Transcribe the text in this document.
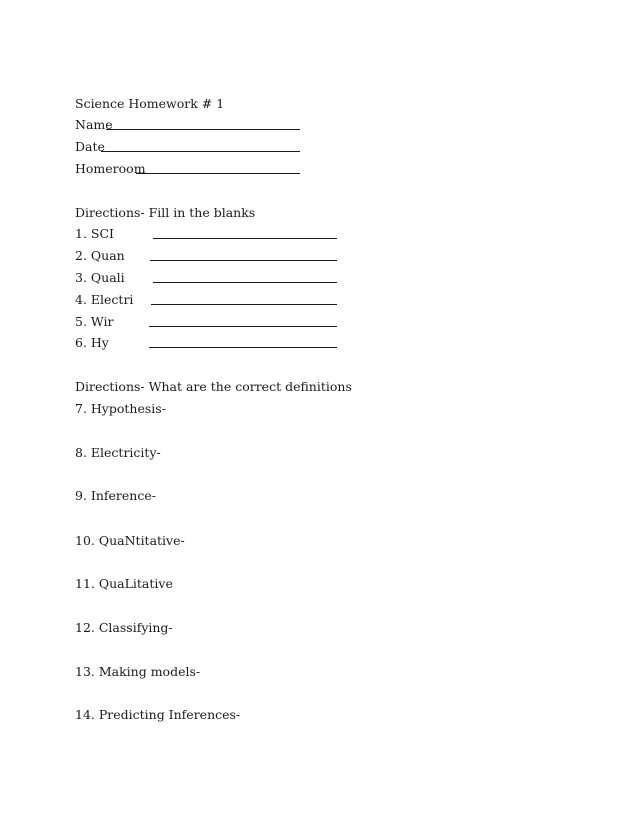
Science Homework # 1
Name
Date
Homeroom
Directions- Fill in the blanks
1. SCI
2. Quan
3. Quali
4. Electri
5. Wir
6. Hy
Directions- What are the correct definitions
7. Hypothesis-
8. Electricity-
9. Inference-
10. QuaNtitative-
11. QuaLitative
12. Classifying-
13. Making models-
14. Predicting Inferences-
